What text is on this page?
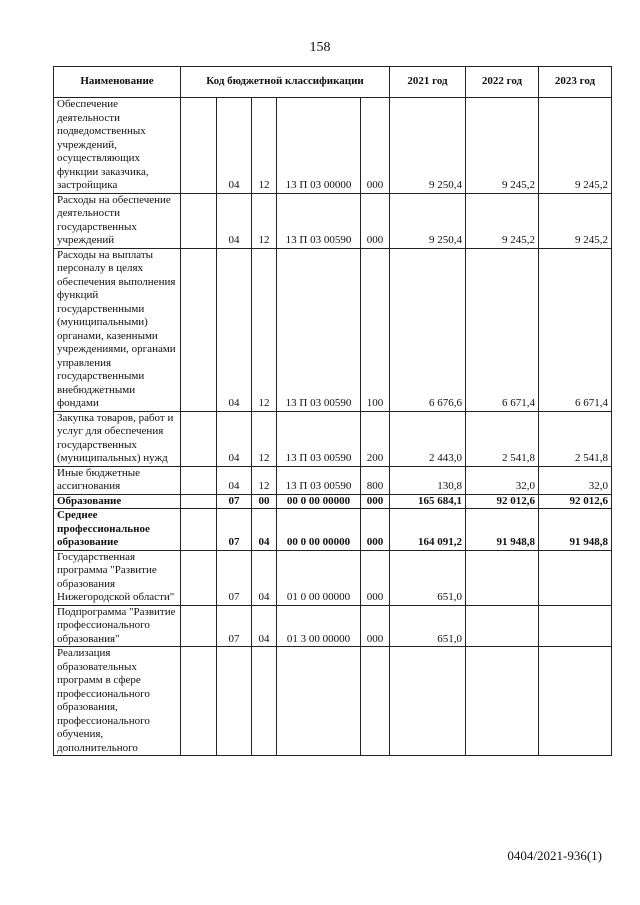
158
Наименование	Код бюджетной классификации					2021 год	2022 год	2023 год
Обеспечение деятельности подведомственных учреждений, осуществляющих функции заказчика, застройщика		04	12	13 П 03 00000	000	9 250,4	9 245,2	9 245,2
Расходы на обеспечение деятельности государственных учреждений		04	12	13 П 03 00590	000	9 250,4	9 245,2	9 245,2
Расходы на выплаты персоналу в целях обеспечения выполнения функций государственными (муниципальными) органами, казенными учреждениями, органами управления государственными внебюджетными фондами		04	12	13 П 03 00590	100	6 676,6	6 671,4	6 671,4
Закупка товаров, работ и услуг для обеспечения государственных (муниципальных) нужд		04	12	13 П 03 00590	200	2 443,0	2 541,8	2 541,8
Иные бюджетные ассигнования		04	12	13 П 03 00590	800	130,8	32,0	32,0
Образование		07	00	00 0 00 00000	000	165 684,1	92 012,6	92 012,6
Среднее профессиональное образование		07	04	00 0 00 00000	000	164 091,2	91 948,8	91 948,8
Государственная программа "Развитие образования Нижегородской области"		07	04	01 0 00 00000	000	651,0		
Подпрограмма "Развитие профессионального образования"		07	04	01 3 00 00000	000	651,0		
Реализация образовательных программ в сфере профессионального образования, профессионального обучения, дополнительного								
0404/2021-936(1)
